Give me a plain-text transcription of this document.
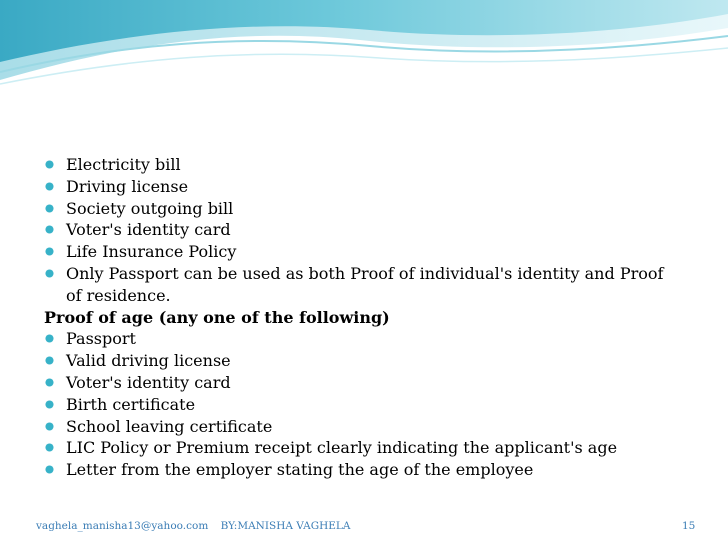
Electricity bill
Driving license
Society outgoing bill
Voter's identity card
Life Insurance Policy
Only Passport can be used as both Proof of individual's identity and Proof of residence.
Proof of age (any one of the following)
Passport
Valid driving license
Voter's identity card
Birth certificate
School leaving certificate
LIC Policy or Premium receipt clearly indicating the applicant's age
Letter from the employer stating the age of the employee
vaghela_manisha13@yahoo.com BY:MANISHA VAGHELA	15
